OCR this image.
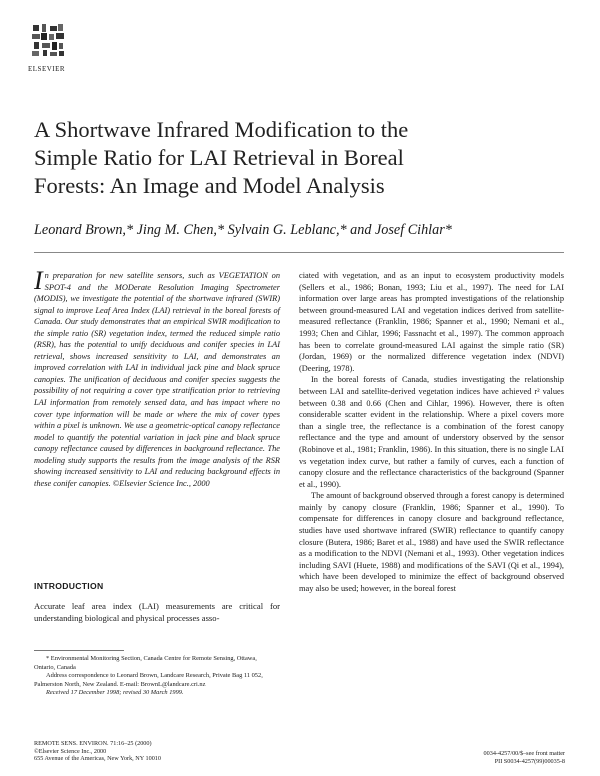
ELSEVIER
A Shortwave Infrared Modification to the
Simple Ratio for LAI Retrieval in Boreal
Forests: An Image and Model Analysis
Leonard Brown,* Jing M. Chen,* Sylvain G. Leblanc,* and Josef Cihlar*
I n preparation for new satellite sensors, such as VEGETATION on SPOT-4 and the MODerate Resolution Imaging Spectrometer (MODIS), we investigate the potential of the shortwave infrared (SWIR) signal to improve Leaf Area Index (LAI) retrieval in the boreal forests of Canada. Our study demonstrates that an empirical SWIR modification to the simple ratio (SR) vegetation index, termed the reduced simple ratio (RSR), has the potential to unify deciduous and conifer species in LAI retrieval, shows increased sensitivity to LAI, and demonstrates an improved correlation with LAI in individual jack pine and black spruce canopies. The unification of deciduous and conifer species suggests the possibility of not requiring a cover type stratification prior to retrieving LAI information from remotely sensed data, and has impact where no cover type information will be made or where the mix of cover types within a pixel is unknown. We use a geometric-optical canopy reflectance model to quantify the potential variation in jack pine and black spruce canopy reflectance caused by differences in background reflectance. The modeling study supports the results from the image analysis of the RSR showing increased sensitivity to LAI and reducing background effects in these conifer canopies. ©Elsevier Science Inc., 2000
INTRODUCTION
Accurate leaf area index (LAI) measurements are critical for understanding biological and physical processes asso-

* Environmental Monitoring Section, Canada Centre for Remote Sensing, Ottawa, Ontario, Canada

Address correspondence to Leonard Brown, Landcare Research, Private Bag 11 052, Palmerston North, New Zealand. E-mail: BrownL@landcare.cri.nz

Received 17 December 1998; revised 30 March 1999.

REMOTE SENS. ENVIRON. 71:16–25 (2000)
©Elsevier Science Inc., 2000
655 Avenue of the Americas, New York, NY 10010

ciated with vegetation, and as an input to ecosystem productivity models (Sellers et al., 1986; Bonan, 1993; Liu et al., 1997). The need for LAI information over large areas has prompted investigations of the relationship between ground-measured LAI and vegetation indices derived from satellite-measured reflectance (Franklin, 1986; Spanner et al., 1990; Nemani et al., 1993; Chen and Cihlar, 1996; Fassnacht et al., 1997). The common approach has been to correlate ground-measured LAI against the simple ratio (SR) (Jordan, 1969) or the normalized difference vegetation index (NDVI) (Deering, 1978).

In the boreal forests of Canada, studies investigating the relationship between LAI and satellite-derived vegetation indices have achieved r² values between 0.38 and 0.66 (Chen and Cihlar, 1996). However, there is often considerable scatter evident in the relationship. Where a pixel covers more than a single tree, the reflectance is a combination of the forest canopy reflectance and the type and amount of understory observed by the sensor (Robinove et al., 1981; Franklin, 1986). In this situation, there is no single LAI vs vegetation index curve, but rather a family of curves, each a function of canopy closure and the reflectance characteristics of the background (Spanner et al., 1990).

The amount of background observed through a forest canopy is determined mainly by canopy closure (Franklin, 1986; Spanner et al., 1990). To compensate for differences in canopy closure and background reflectance, studies have used shortwave infrared (SWIR) reflectance to quantify canopy closure (Butera, 1986; Baret et al., 1988) and have used the SWIR reflectance as a modification to the NDVI (Nemani et al., 1993). Other vegetation indices including SAVI (Huete, 1988) and modifications of the SAVI (Qi et al., 1994), which have been developed to minimize the effect of background observed may also be used; however, in the boreal forest

0034-4257/00/$–see front matter
PII S0034-4257(99)00035-8
